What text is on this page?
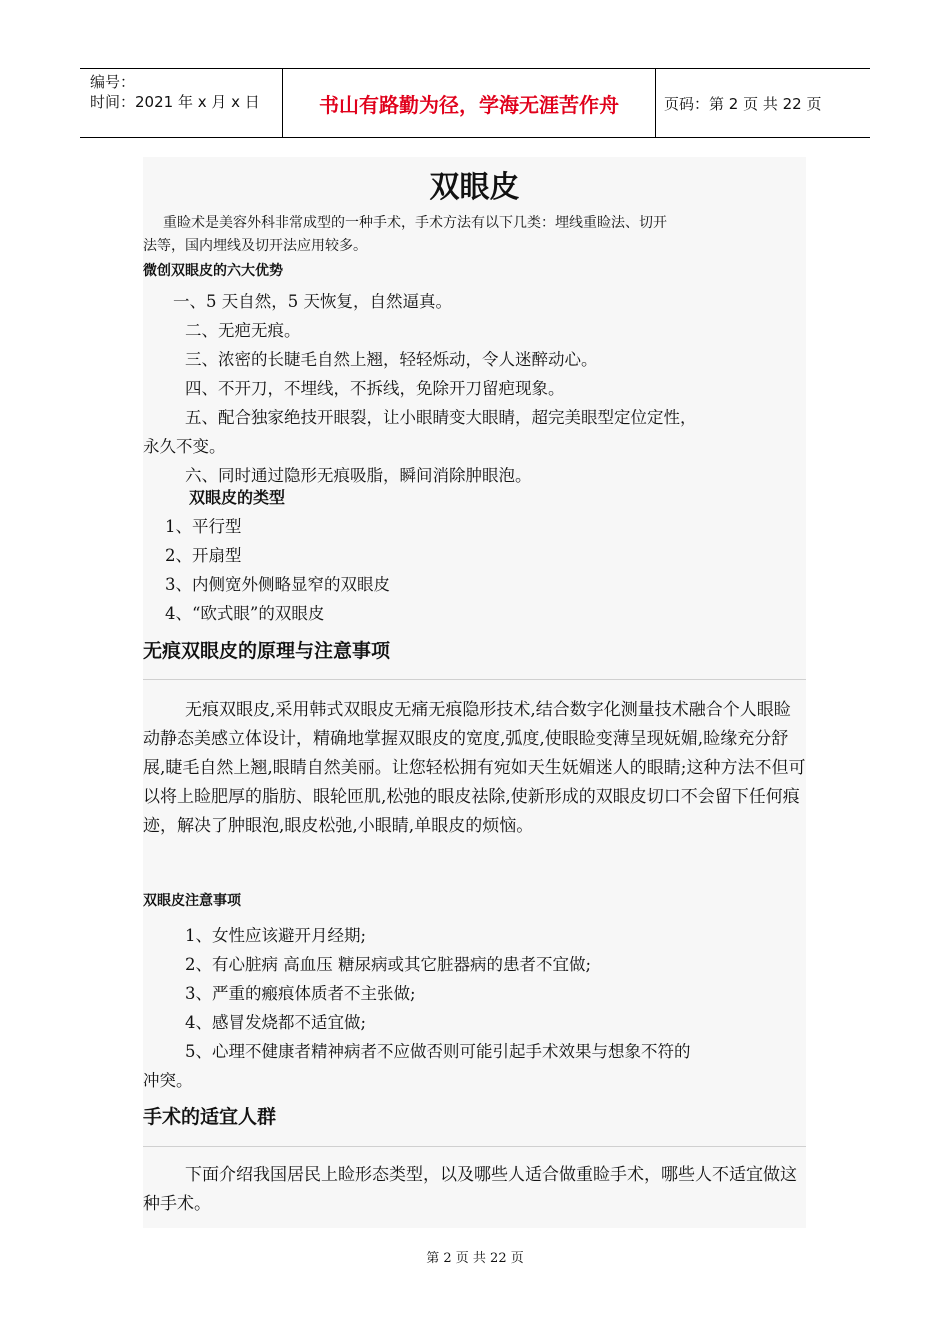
编号：
时间：2021 年 x 月 x 日	书山有路勤为径，学海无涯苦作舟	页码：第 2 页 共 22 页
双眼皮
重睑术是美容外科非常成型的一种手术，手术方法有以下几类：埋线重睑法、切开
法等，国内埋线及切开法应用较多。
微创双眼皮的六大优势
一、5 天自然，5 天恢复，自然逼真。
二、无疤无痕。
三、浓密的长睫毛自然上翘，轻轻烁动，令人迷醉动心。
四、不开刀，不埋线，不拆线，免除开刀留疤现象。
五、配合独家绝技开眼裂，让小眼睛变大眼睛，超完美眼型定位定性，
永久不变。
六、同时通过隐形无痕吸脂，瞬间消除肿眼泡。
双眼皮的类型
1、平行型
2、开扇型
3、内侧宽外侧略显窄的双眼皮
4、“欧式眼”的双眼皮
无痕双眼皮的原理与注意事项
无痕双眼皮,采用韩式双眼皮无痛无痕隐形技术,结合数字化测量技术融合个人眼睑动静态美感立体设计，精确地掌握双眼皮的宽度,弧度,使眼睑变薄呈现妩媚,睑缘充分舒展,睫毛自然上翘,眼睛自然美丽。让您轻松拥有宛如天生妩媚迷人的眼睛;这种方法不但可以将上睑肥厚的脂肪、眼轮匝肌,松弛的眼皮祛除,使新形成的双眼皮切口不会留下任何痕迹，解决了肿眼泡,眼皮松弛,小眼睛,单眼皮的烦恼。
双眼皮注意事项
1、女性应该避开月经期;
2、有心脏病 高血压 糖尿病或其它脏器病的患者不宜做;
3、严重的瘢痕体质者不主张做;
4、感冒发烧都不适宜做;
5、心理不健康者精神病者不应做否则可能引起手术效果与想象不符的
冲突。
手术的适宜人群
下面介绍我国居民上睑形态类型，以及哪些人适合做重睑手术，哪些人不适宜做这种手术。
第 2 页 共 22 页
